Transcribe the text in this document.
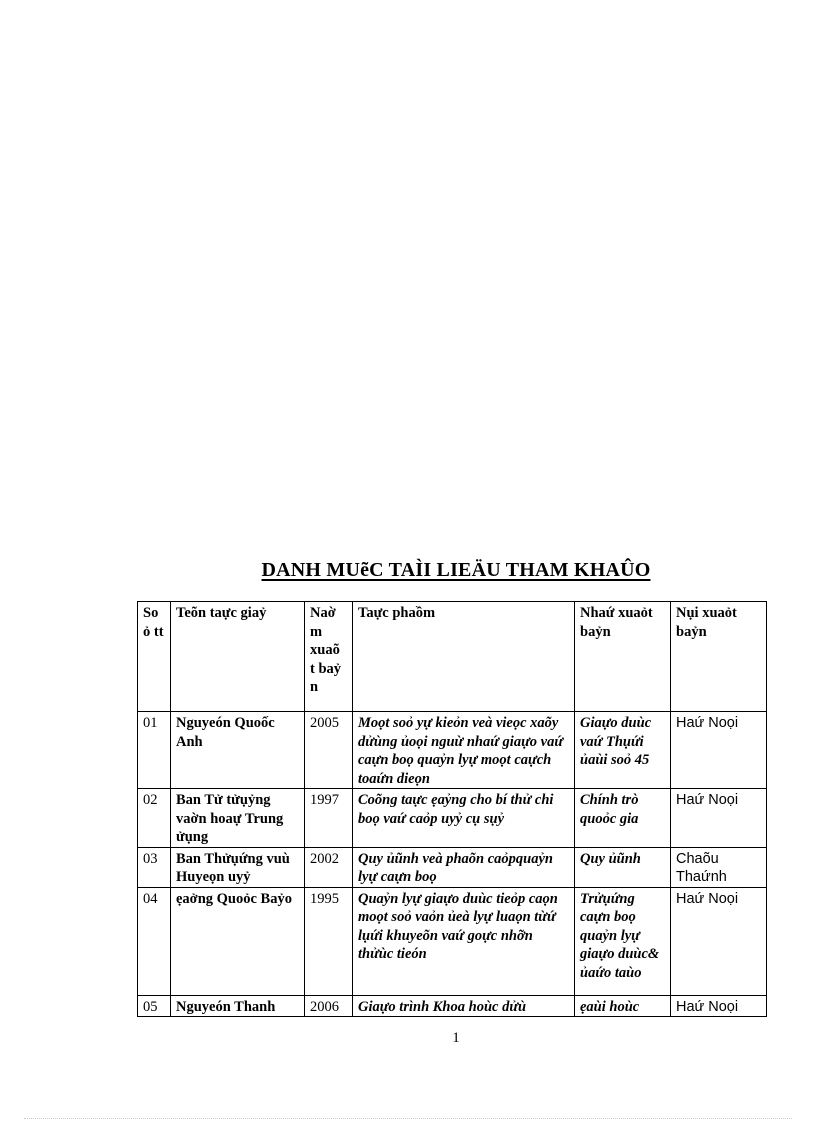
DANH MUẽC TAÌI LIEÄU THAM KHAÛO
So ỏ tt	Teõn taực giaỷ	Naờ m xuaõ t baỷ n	Taực phaồm	Nhaứ xuaỏt baỷn	Nụi xuaỏt baỷn
01	Nguyeón Quoốc Anh	2005	Moọt soỏ yự kieỏn veà vieọc xaõy dửùng ủoọi nguừ nhaứ giaựo vaứ caựn boọ quaỷn lyự moọt caựch toaứn dieọn	Giaựo duùc vaứ Thụứi ủaùi soỏ 45	Haứ Noọi
02	Ban Tử tửụỷng vaờn hoaự Trung ửụng	1997	Coõng taực ẹaỷng cho bí thử chi boọ vaứ caỏp uyỷ cụ sụỷ	Chính trò quoỏc gia	Haứ Noọi
03	Ban Thửụứng vuù Huyeọn uyỷ	2002	Quy ủũnh veà phaõn caỏpquaỷn lyự caựn boọ	Quy ủũnh	Chaõu Thaứnh
04	ẹaởng Quoỏc Baỷo	1995	Quaỷn lyự giaựo duùc tieỏp caọn moọt soỏ vaỏn ủeà lyự luaọn từứ lụứi khuyeõn vaứ goực nhỡn thửùc tieón	Trửụứng caựn boọ quaỷn lyự giaựo duùc& ủaứo taùo	Haứ Noọi
05	Nguyeón Thanh	2006	Giaựo trình Khoa hoùc dửù	ẹaùi hoùc	Haứ Noọi
1
